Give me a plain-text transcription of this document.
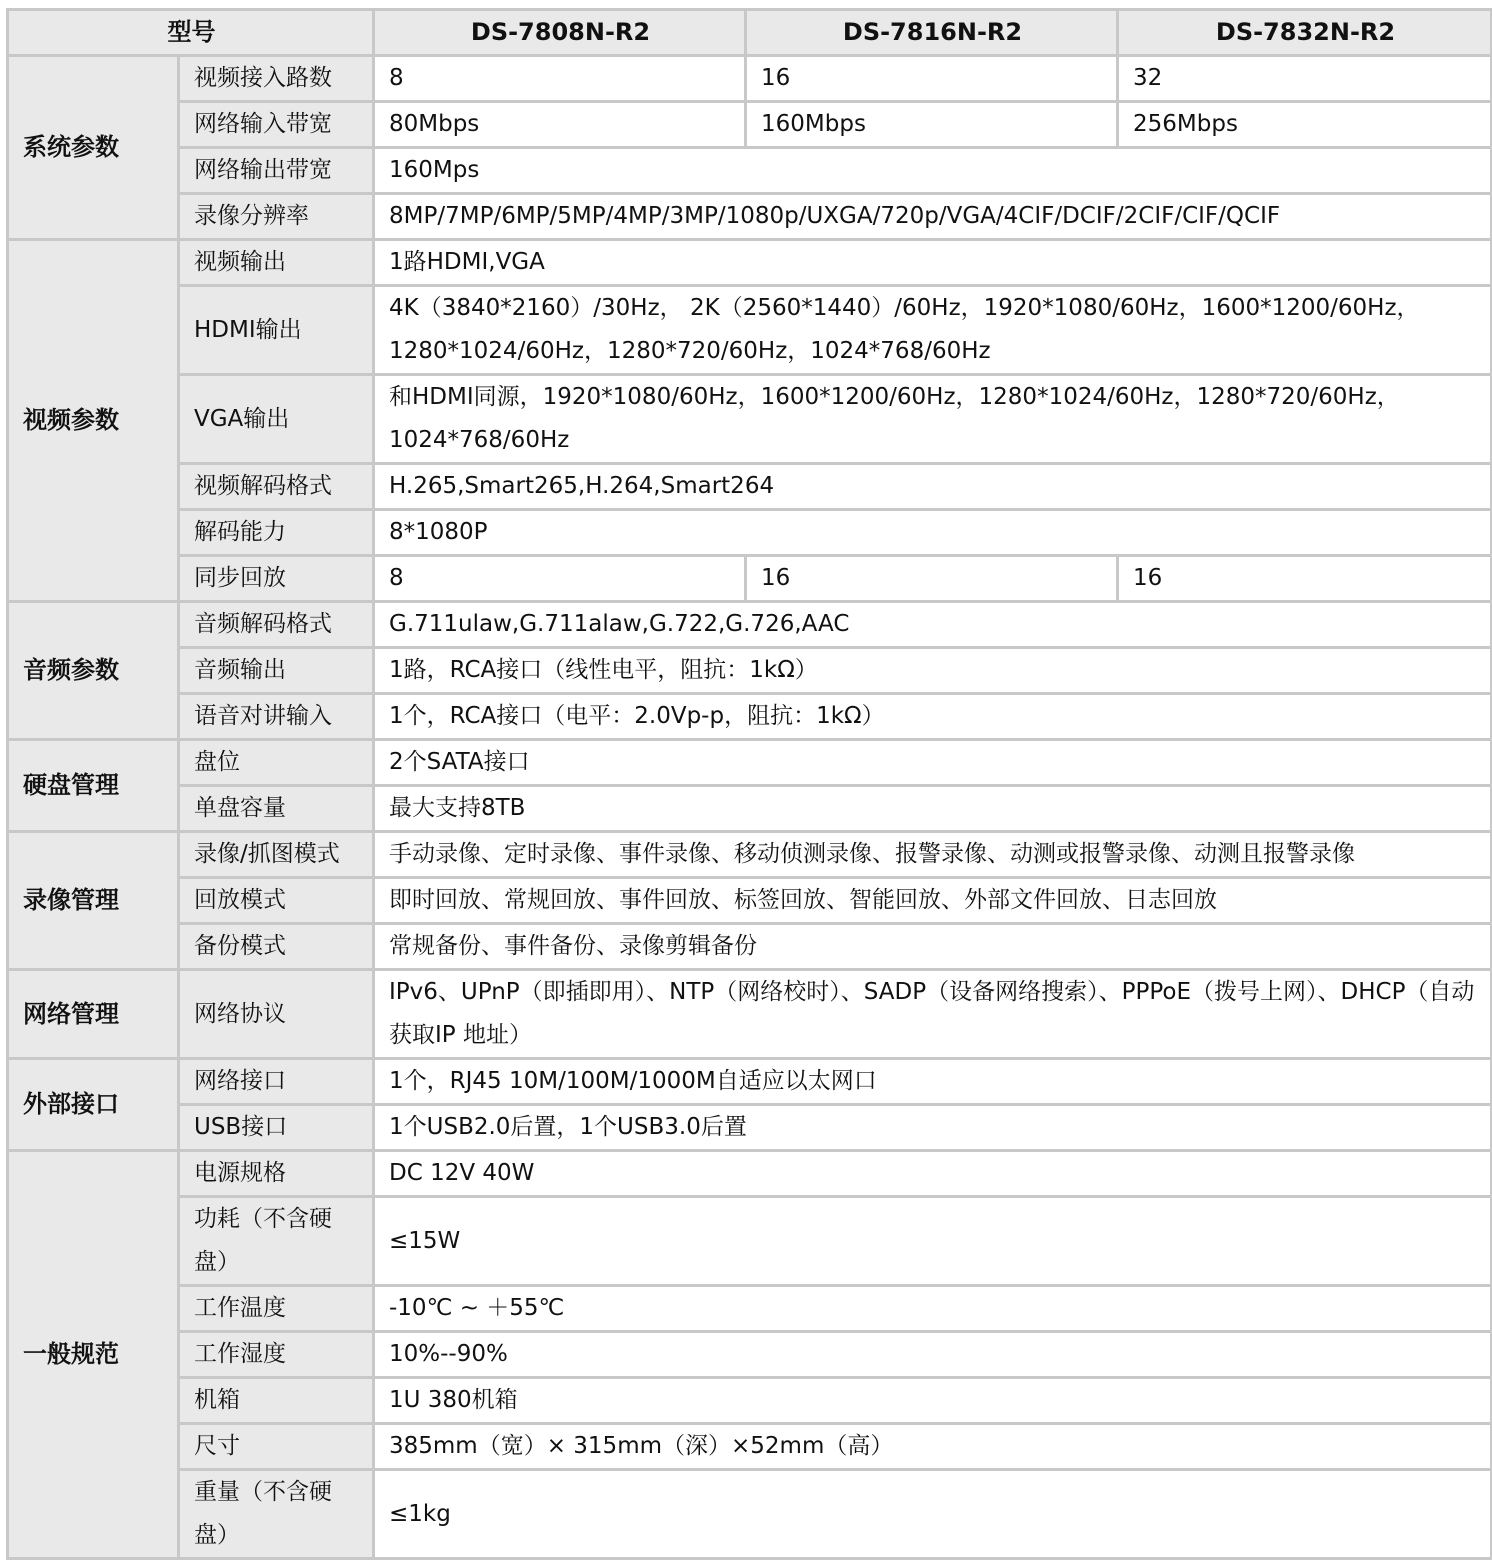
型号		DS-7808N-R2	DS-7816N-R2	DS-7832N-R2
系统参数	视频接入路数	8	16	32
	网络输入带宽	80Mbps	160Mbps	256Mbps
	网络输出带宽	160Mps		
	录像分辨率	8MP/7MP/6MP/5MP/4MP/3MP/1080p/UXGA/720p/VGA/4CIF/DCIF/2CIF/CIF/QCIF		
视频参数	视频输出	1路HDMI,VGA		
	HDMI输出	4K（3840*2160）/30Hz， 2K（2560*1440）/60Hz，1920*1080/60Hz，1600*1200/60Hz，1280*1024/60Hz，1280*720/60Hz，1024*768/60Hz		
	VGA输出	和HDMI同源，1920*1080/60Hz，1600*1200/60Hz，1280*1024/60Hz，1280*720/60Hz，1024*768/60Hz		
	视频解码格式	H.265,Smart265,H.264,Smart264		
	解码能力	8*1080P		
	同步回放	8	16	16
音频参数	音频解码格式	G.711ulaw,G.711alaw,G.722,G.726,AAC		
	音频输出	1路，RCA接口（线性电平，阻抗：1kΩ）		
	语音对讲输入	1个，RCA接口（电平：2.0Vp-p，阻抗：1kΩ）		
硬盘管理	盘位	2个SATA接口		
	单盘容量	最大支持8TB		
录像管理	录像/抓图模式	手动录像、定时录像、事件录像、移动侦测录像、报警录像、动测或报警录像、动测且报警录像		
	回放模式	即时回放、常规回放、事件回放、标签回放、智能回放、外部文件回放、日志回放		
	备份模式	常规备份、事件备份、录像剪辑备份		
网络管理	网络协议	IPv6、UPnP（即插即用）、NTP（网络校时）、SADP（设备网络搜索）、PPPoE（拨号上网）、DHCP（自动获取IP 地址）		
外部接口	网络接口	1个，RJ45 10M/100M/1000M自适应以太网口		
	USB接口	1个USB2.0后置，1个USB3.0后置		
一般规范	电源规格	DC 12V 40W		
	功耗（不含硬盘）	≤15W		
	工作温度	-10℃ ~ ＋55℃		
	工作湿度	10%--90%		
	机箱	1U 380机箱		
	尺寸	385mm（宽）× 315mm（深）×52mm（高）		
	重量（不含硬盘）	≤1kg		
